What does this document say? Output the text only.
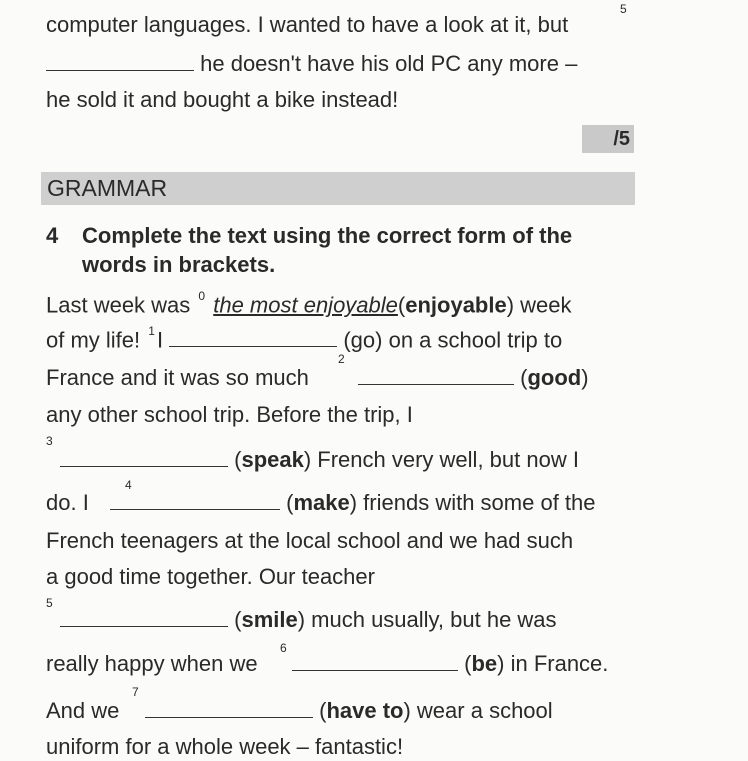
computer languages. I wanted to have a look at it, but
5
he doesn't have his old PC any more –
he sold it and bought a bike instead!
/5
GRAMMAR
4 Complete the text using the correct form of the
words in brackets.
Last week was $^0$ the most enjoyable(enjoyable) week
of my life! $^1$I	(go) on a school trip to
France and it was so much
2
(good)
any other school trip. Before the trip, I
3
(speak) French very well, but now I
do. I
4
(make) friends with some of the
French teenagers at the local school and we had such
a good time together. Our teacher
5
(smile) much usually, but he was
really happy when we
6
(be) in France.
And we
7
(have to) wear a school
uniform for a whole week – fantastic!
